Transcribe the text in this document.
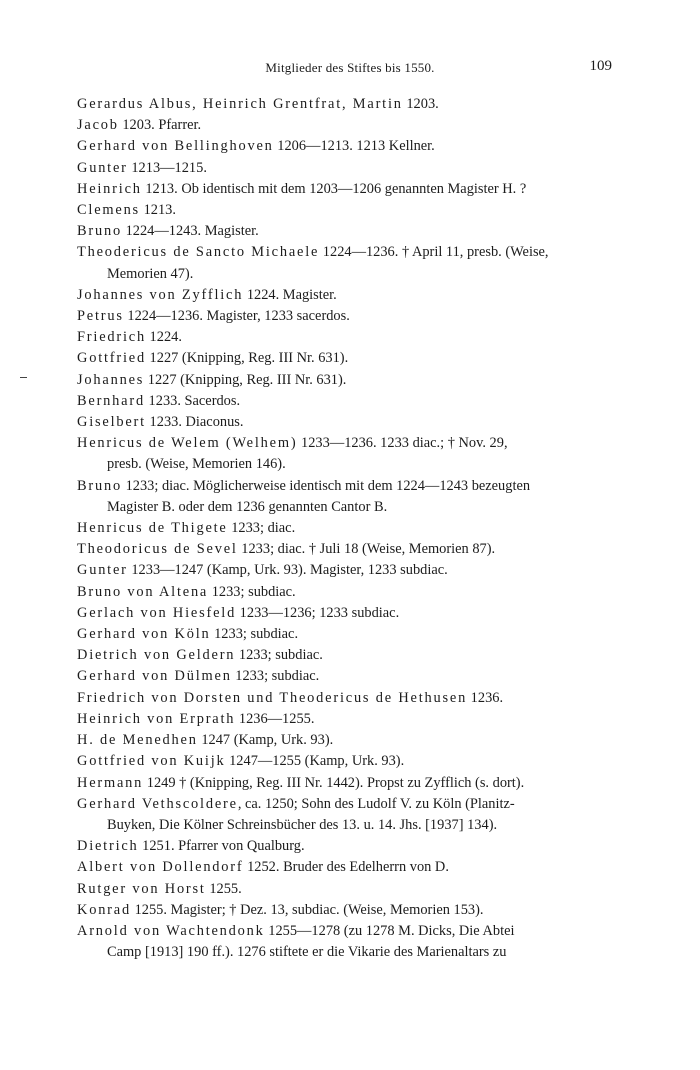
Mitglieder des Stiftes bis 1550.	109
Gerardus Albus, Heinrich Grentfrat, Martin 1203.
Jacob 1203. Pfarrer.
Gerhard von Bellinghoven 1206—1213. 1213 Kellner.
Gunter 1213—1215.
Heinrich 1213. Ob identisch mit dem 1203—1206 genannten Magister H. ?
Clemens 1213.
Bruno 1224—1243. Magister.
Theodericus de Sancto Michaele 1224—1236. † April 11, presb. (Weise,
Memorien 47).
Johannes von Zyfflich 1224. Magister.
Petrus 1224—1236. Magister, 1233 sacerdos.
Friedrich 1224.
Gottfried 1227 (Knipping, Reg. III Nr. 631).
Johannes 1227 (Knipping, Reg. III Nr. 631).
Bernhard 1233. Sacerdos.
Giselbert 1233. Diaconus.
Henricus de Welem (Welhem) 1233—1236. 1233 diac.; † Nov. 29,
presb. (Weise, Memorien 146).
Bruno 1233; diac. Möglicherweise identisch mit dem 1224—1243 bezeugten
Magister B. oder dem 1236 genannten Cantor B.
Henricus de Thigete 1233; diac.
Theodoricus de Sevel 1233; diac. † Juli 18 (Weise, Memorien 87).
Gunter 1233—1247 (Kamp, Urk. 93). Magister, 1233 subdiac.
Bruno von Altena 1233; subdiac.
Gerlach von Hiesfeld 1233—1236; 1233 subdiac.
Gerhard von Köln 1233; subdiac.
Dietrich von Geldern 1233; subdiac.
Gerhard von Dülmen 1233; subdiac.
Friedrich von Dorsten und Theodericus de Hethusen 1236.
Heinrich von Erprath 1236—1255.
H. de Menedhen 1247 (Kamp, Urk. 93).
Gottfried von Kuijk 1247—1255 (Kamp, Urk. 93).
Hermann 1249 † (Knipping, Reg. III Nr. 1442). Propst zu Zyfflich (s. dort).
Gerhard Vethscoldere, ca. 1250; Sohn des Ludolf V. zu Köln (Planitz-
Buyken, Die Kölner Schreinsbücher des 13. u. 14. Jhs. [1937] 134).
Dietrich 1251. Pfarrer von Qualburg.
Albert von Dollendorf 1252. Bruder des Edelherrn von D.
Rutger von Horst 1255.
Konrad 1255. Magister; † Dez. 13, subdiac. (Weise, Memorien 153).
Arnold von Wachtendonk 1255—1278 (zu 1278 M. Dicks, Die Abtei
Camp [1913] 190 ff.). 1276 stiftete er die Vikarie des Marienaltars zu
